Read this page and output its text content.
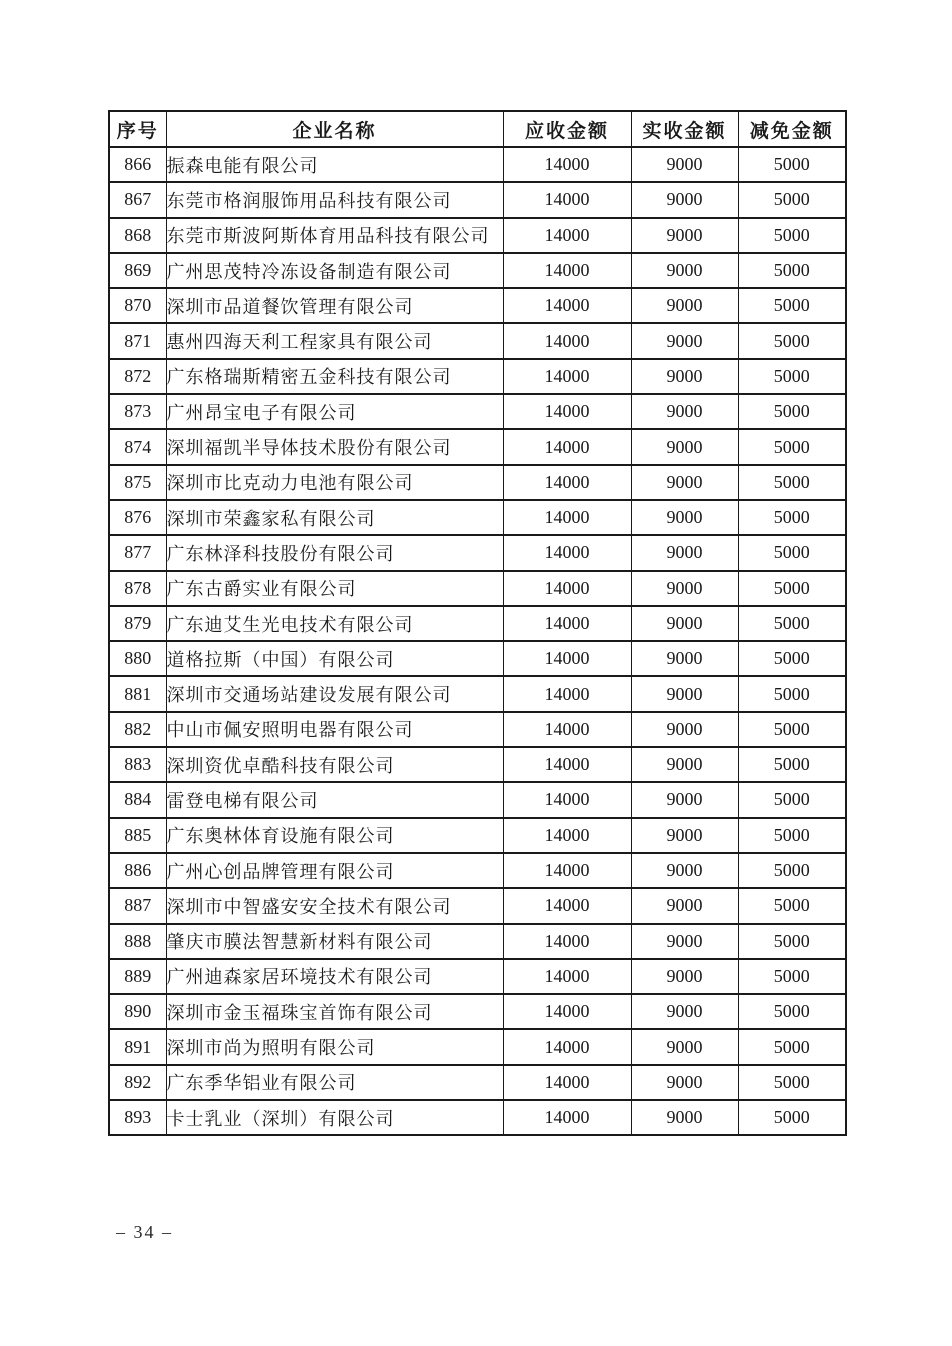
序号	企业名称	应收金额	实收金额	减免金额
866	振森电能有限公司	14000	9000	5000
867	东莞市格润服饰用品科技有限公司	14000	9000	5000
868	东莞市斯波阿斯体育用品科技有限公司	14000	9000	5000
869	广州思茂特冷冻设备制造有限公司	14000	9000	5000
870	深圳市品道餐饮管理有限公司	14000	9000	5000
871	惠州四海天利工程家具有限公司	14000	9000	5000
872	广东格瑞斯精密五金科技有限公司	14000	9000	5000
873	广州昂宝电子有限公司	14000	9000	5000
874	深圳福凯半导体技术股份有限公司	14000	9000	5000
875	深圳市比克动力电池有限公司	14000	9000	5000
876	深圳市荣鑫家私有限公司	14000	9000	5000
877	广东林泽科技股份有限公司	14000	9000	5000
878	广东古爵实业有限公司	14000	9000	5000
879	广东迪艾生光电技术有限公司	14000	9000	5000
880	道格拉斯（中国）有限公司	14000	9000	5000
881	深圳市交通场站建设发展有限公司	14000	9000	5000
882	中山市佩安照明电器有限公司	14000	9000	5000
883	深圳资优卓酷科技有限公司	14000	9000	5000
884	雷登电梯有限公司	14000	9000	5000
885	广东奥林体育设施有限公司	14000	9000	5000
886	广州心创品牌管理有限公司	14000	9000	5000
887	深圳市中智盛安安全技术有限公司	14000	9000	5000
888	肇庆市膜法智慧新材料有限公司	14000	9000	5000
889	广州迪森家居环境技术有限公司	14000	9000	5000
890	深圳市金玉福珠宝首饰有限公司	14000	9000	5000
891	深圳市尚为照明有限公司	14000	9000	5000
892	广东季华铝业有限公司	14000	9000	5000
893	卡士乳业（深圳）有限公司	14000	9000	5000
– 34 –
